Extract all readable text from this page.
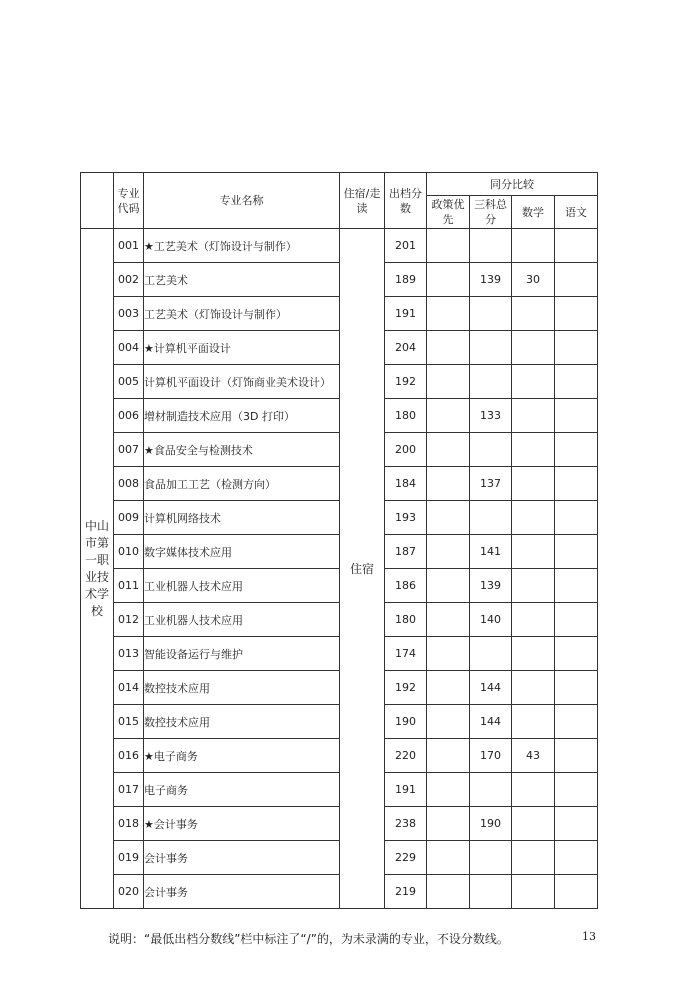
	专业代码	专业名称	住宿/走读	出档分数	同分比较			
					政策优先	三科总分	数学	语文
中山市第一职业技术学校	001	★工艺美术（灯饰设计与制作）	住宿	201				
	002	工艺美术		189		139	30	
	003	工艺美术（灯饰设计与制作）		191				
	004	★计算机平面设计		204				
	005	计算机平面设计（灯饰商业美术设计）		192				
	006	增材制造技术应用（3D 打印）		180		133		
	007	★食品安全与检测技术		200				
	008	食品加工工艺（检测方向）		184		137		
	009	计算机网络技术		193				
	010	数字媒体技术应用		187		141		
	011	工业机器人技术应用		186		139		
	012	工业机器人技术应用		180		140		
	013	智能设备运行与维护		174				
	014	数控技术应用		192		144		
	015	数控技术应用		190		144		
	016	★电子商务		220		170	43	
	017	电子商务		191				
	018	★会计事务		238		190		
	019	会计事务		229				
	020	会计事务		219				
说明：“最低出档分数线”栏中标注了“/”的，为未录满的专业，不设分数线。	13
